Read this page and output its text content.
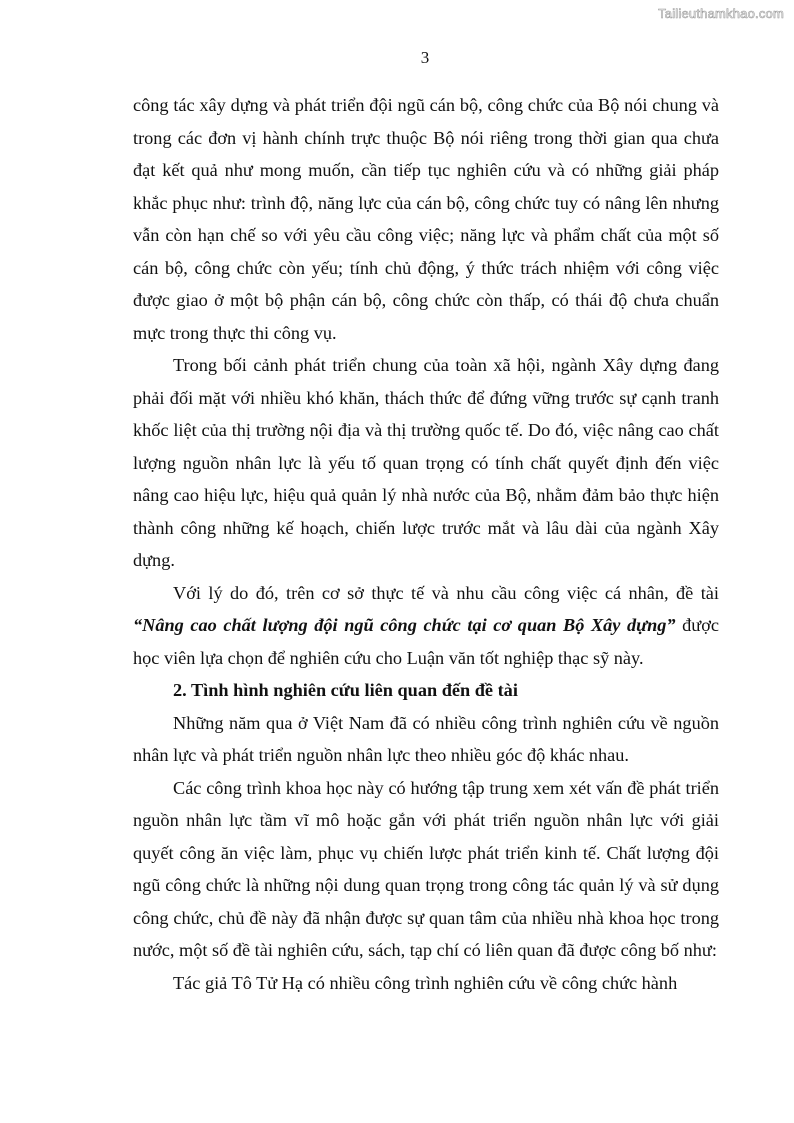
Tailieuthamkhao.com
3

công tác xây dựng và phát triển đội ngũ cán bộ, công chức của Bộ nói chung và trong các đơn vị hành chính trực thuộc Bộ nói riêng trong thời gian qua chưa đạt kết quả như mong muốn, cần tiếp tục nghiên cứu và có những giải pháp khắc phục như: trình độ, năng lực của cán bộ, công chức tuy có nâng lên nhưng vẫn còn hạn chế so với yêu cầu công việc; năng lực và phẩm chất của một số cán bộ, công chức còn yếu; tính chủ động, ý thức trách nhiệm với công việc được giao ở một bộ phận cán bộ, công chức còn thấp, có thái độ chưa chuẩn mực trong thực thi công vụ.

Trong bối cảnh phát triển chung của toàn xã hội, ngành Xây dựng đang phải đối mặt với nhiều khó khăn, thách thức để đứng vững trước sự cạnh tranh khốc liệt của thị trường nội địa và thị trường quốc tế. Do đó, việc nâng cao chất lượng nguồn nhân lực là yếu tố quan trọng có tính chất quyết định đến việc nâng cao hiệu lực, hiệu quả quản lý nhà nước của Bộ, nhằm đảm bảo thực hiện thành công những kế hoạch, chiến lược trước mắt và lâu dài của ngành Xây dựng.

Với lý do đó, trên cơ sở thực tế và nhu cầu công việc cá nhân, đề tài “Nâng cao chất lượng đội ngũ công chức tại cơ quan Bộ Xây dựng” được học viên lựa chọn để nghiên cứu cho Luận văn tốt nghiệp thạc sỹ này.

2. Tình hình nghiên cứu liên quan đến đề tài

Những năm qua ở Việt Nam đã có nhiều công trình nghiên cứu về nguồn nhân lực và phát triển nguồn nhân lực theo nhiều góc độ khác nhau.

Các công trình khoa học này có hướng tập trung xem xét vấn đề phát triển nguồn nhân lực tầm vĩ mô hoặc gắn với phát triển nguồn nhân lực với giải quyết công ăn việc làm, phục vụ chiến lược phát triển kinh tế. Chất lượng đội ngũ công chức là những nội dung quan trọng trong công tác quản lý và sử dụng công chức, chủ đề này đã nhận được sự quan tâm của nhiều nhà khoa học trong nước, một số đề tài nghiên cứu, sách, tạp chí có liên quan đã được công bố như:

Tác giả Tô Tử Hạ có nhiều công trình nghiên cứu về công chức hành
